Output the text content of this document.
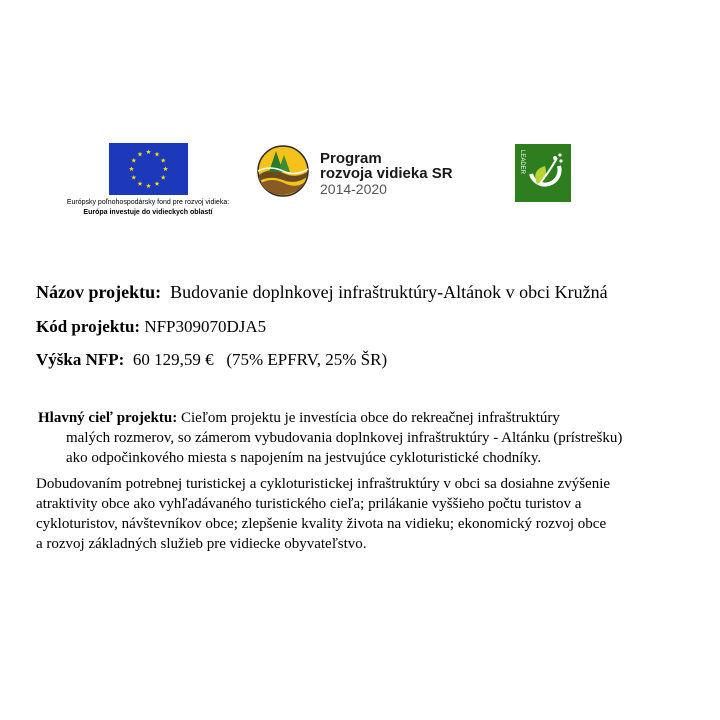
Európsky poľnohospodársky fond pre rozvoj vidieka:
Európa investuje do vidieckych oblastí
Program
rozvoja vidieka SR
2014-2020
LEADER
Názov projektu: Budovanie doplnkovej infraštruktúry-Altánok v obci Kružná
Kód projektu: NFP309070DJA5
Výška NFP: 60 129,59 €   (75% EPFRV, 25% ŠR)
Hlavný cieľ projektu: Cieľom projektu je investícia obce do rekreačnej infraštruktúry
malých rozmerov, so zámerom vybudovania doplnkovej infraštruktúry - Altánku (prístrešku)
ako odpočinkového miesta s napojením na jestvujúce cykloturistické chodníky.
Dobudovaním potrebnej turistickej a cykloturistickej infraštruktúry v obci sa dosiahne zvýšenie
atraktivity obce ako vyhľadávaného turistického cieľa; prilákanie vyššieho počtu turistov a
cykloturistov, návštevníkov obce; zlepšenie kvality života na vidieku; ekonomický rozvoj obce
a rozvoj základných služieb pre vidiecke obyvateľstvo.
